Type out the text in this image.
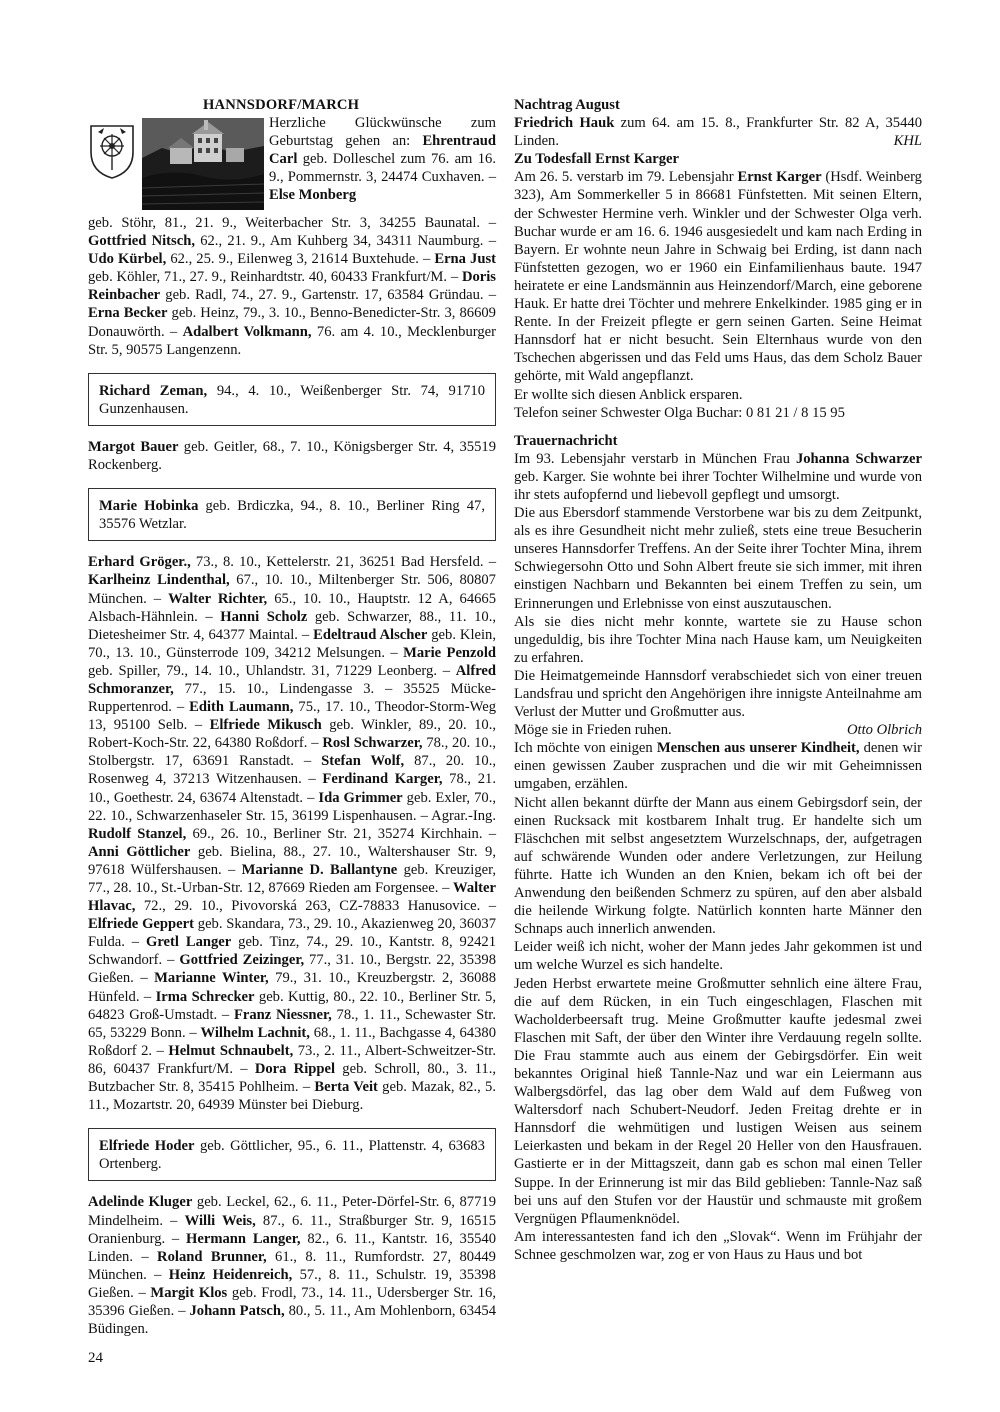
HANNSDORF/MARCH

Herzliche Glückwünsche zum Geburtstag gehen an: Ehrentraud Carl geb. Dolleschel zum 76. am 16. 9., Pommernstr. 3, 24474 Cuxhaven. – Else Monberg

geb. Stöhr, 81., 21. 9., Weiterbacher Str. 3, 34255 Baunatal. – Gottfried Nitsch, 62., 21. 9., Am Kuhberg 34, 34311 Naumburg. – Udo Kürbel, 62., 25. 9., Eilenweg 3, 21614 Buxtehude. – Erna Just geb. Köhler, 71., 27. 9., Reinhardtstr. 40, 60433 Frankfurt/M. – Doris Reinbacher geb. Radl, 74., 27. 9., Gartenstr. 17, 63584 Gründau. – Erna Becker geb. Heinz, 79., 3. 10., Benno-Benedicter-Str. 3, 86609 Donauwörth. – Adalbert Volkmann, 76. am 4. 10., Mecklenburger Str. 5, 90575 Langenzenn.

Richard Zeman, 94., 4. 10., Weißenberger Str. 74, 91710 Gunzenhausen.

Margot Bauer geb. Geitler, 68., 7. 10., Königsberger Str. 4, 35519 Rockenberg.

Marie Hobinka geb. Brdiczka, 94., 8. 10., Berliner Ring 47, 35576 Wetzlar.

Erhard Gröger., 73., 8. 10., Kettelerstr. 21, 36251 Bad Hersfeld. – Karlheinz Lindenthal, 67., 10. 10., Miltenberger Str. 506, 80807 München. – Walter Richter, 65., 10. 10., Hauptstr. 12 A, 64665 Alsbach-Hähnlein. – Hanni Scholz geb. Schwarzer, 88., 11. 10., Dietesheimer Str. 4, 64377 Maintal. – Edeltraud Alscher geb. Klein, 70., 13. 10., Günsterrode 109, 34212 Melsungen. – Marie Penzold geb. Spiller, 79., 14. 10., Uhlandstr. 31, 71229 Leonberg. – Alfred Schmoranzer, 77., 15. 10., Lindengasse 3. – 35525 Mücke-Ruppertenrod. – Edith Laumann, 75., 17. 10., Theodor-Storm-Weg 13, 95100 Selb. – Elfriede Mikusch geb. Winkler, 89., 20. 10., Robert-Koch-Str. 22, 64380 Roßdorf. – Rosl Schwarzer, 78., 20. 10., Stolbergstr. 17, 63691 Ranstadt. – Stefan Wolf, 87., 20. 10., Rosenweg 4, 37213 Witzenhausen. – Ferdinand Karger, 78., 21. 10., Goethestr. 24, 63674 Altenstadt. – Ida Grimmer geb. Exler, 70., 22. 10., Schwarzenhaseler Str. 15, 36199 Lispenhausen. – Agrar.-Ing. Rudolf Stanzel, 69., 26. 10., Berliner Str. 21, 35274 Kirchhain. – Anni Göttlicher geb. Bielina, 88., 27. 10., Waltershauser Str. 9, 97618 Wülfershausen. – Marianne D. Ballantyne geb. Kreuziger, 77., 28. 10., St.-Urban-Str. 12, 87669 Rieden am Forgensee. – Walter Hlavac, 72., 29. 10., Pivovorská 263, CZ-78833 Hanusovice. – Elfriede Geppert geb. Skandara, 73., 29. 10., Akazienweg 20, 36037 Fulda. – Gretl Langer geb. Tinz, 74., 29. 10., Kantstr. 8, 92421 Schwandorf. – Gottfried Zeizinger, 77., 31. 10., Bergstr. 22, 35398 Gießen. – Marianne Winter, 79., 31. 10., Kreuzbergstr. 2, 36088 Hünfeld. – Irma Schrecker geb. Kuttig, 80., 22. 10., Berliner Str. 5, 64823 Groß-Umstadt. – Franz Niessner, 78., 1. 11., Schewaster Str. 65, 53229 Bonn. – Wilhelm Lachnit, 68., 1. 11., Bachgasse 4, 64380 Roßdorf 2. – Helmut Schnaubelt, 73., 2. 11., Albert-Schweitzer-Str. 86, 60437 Frankfurt/M. – Dora Rippel geb. Schroll, 80., 3. 11., Butzbacher Str. 8, 35415 Pohlheim. – Berta Veit geb. Mazak, 82., 5. 11., Mozartstr. 20, 64939 Münster bei Dieburg.

Elfriede Hoder geb. Göttlicher, 95., 6. 11., Plattenstr. 4, 63683 Ortenberg.

Adelinde Kluger geb. Leckel, 62., 6. 11., Peter-Dörfel-Str. 6, 87719 Mindelheim. – Willi Weis, 87., 6. 11., Straßburger Str. 9, 16515 Oranienburg. – Hermann Langer, 82., 6. 11., Kantstr. 16, 35540 Linden. – Roland Brunner, 61., 8. 11., Rumfordstr. 27, 80449 München. – Heinz Heidenreich, 57., 8. 11., Schulstr. 19, 35398 Gießen. – Margit Klos geb. Frodl, 73., 14. 11., Udersberger Str. 16, 35396 Gießen. – Johann Patsch, 80., 5. 11., Am Mohlenborn, 63454 Büdingen.

Nachtrag August

Friedrich Hauk zum 64. am 15. 8., Frankfurter Str. 82 A, 35440 Linden.	KHL

Zu Todesfall Ernst Karger

Am 26. 5. verstarb im 79. Lebensjahr Ernst Karger (Hsdf. Weinberg 323), Am Sommerkeller 5 in 86681 Fünfstetten. Mit seinen Eltern, der Schwester Hermine verh. Winkler und der Schwester Olga verh. Buchar wurde er am 16. 6. 1946 ausgesiedelt und kam nach Erding in Bayern. Er wohnte neun Jahre in Schwaig bei Erding, ist dann nach Fünfstetten gezogen, wo er 1960 ein Einfamilienhaus baute. 1947 heiratete er eine Landsmännin aus Heinzendorf/March, eine geborene Hauk. Er hatte drei Töchter und mehrere Enkelkinder. 1985 ging er in Rente. In der Freizeit pflegte er gern seinen Garten. Seine Heimat Hannsdorf hat er nicht besucht. Sein Elternhaus wurde von den Tschechen abgerissen und das Feld ums Haus, das dem Scholz Bauer gehörte, mit Wald angepflanzt.

Er wollte sich diesen Anblick ersparen.

Telefon seiner Schwester Olga Buchar: 0 81 21 / 8 15 95

Trauernachricht

Im 93. Lebensjahr verstarb in München Frau Johanna Schwarzer geb. Karger. Sie wohnte bei ihrer Tochter Wilhelmine und wurde von ihr stets aufopfernd und liebevoll gepflegt und umsorgt.

Die aus Ebersdorf stammende Verstorbene war bis zu dem Zeitpunkt, als es ihre Gesundheit nicht mehr zuließ, stets eine treue Besucherin unseres Hannsdorfer Treffens. An der Seite ihrer Tochter Mina, ihrem Schwiegersohn Otto und Sohn Albert freute sie sich immer, mit ihren einstigen Nachbarn und Bekannten bei einem Treffen zu sein, um Erinnerungen und Erlebnisse von einst auszutauschen.

Als sie dies nicht mehr konnte, wartete sie zu Hause schon ungeduldig, bis ihre Tochter Mina nach Hause kam, um Neuigkeiten zu erfahren.

Die Heimatgemeinde Hannsdorf verabschiedet sich von einer treuen Landsfrau und spricht den Angehörigen ihre innigste Anteilnahme am Verlust der Mutter und Großmutter aus.

Möge sie in Frieden ruhen.	Otto Olbrich

Ich möchte von einigen Menschen aus unserer Kindheit, denen wir einen gewissen Zauber zusprachen und die wir mit Geheimnissen umgaben, erzählen.

Nicht allen bekannt dürfte der Mann aus einem Gebirgsdorf sein, der einen Rucksack mit kostbarem Inhalt trug. Er handelte sich um Fläschchen mit selbst angesetztem Wurzelschnaps, der, aufgetragen auf schwärende Wunden oder andere Verletzungen, zur Heilung führte. Hatte ich Wunden an den Knien, bekam ich oft bei der Anwendung den beißenden Schmerz zu spüren, auf den aber alsbald die heilende Wirkung folgte. Natürlich konnten harte Männer den Schnaps auch innerlich anwenden.

Leider weiß ich nicht, woher der Mann jedes Jahr gekommen ist und um welche Wurzel es sich handelte.

Jeden Herbst erwartete meine Großmutter sehnlich eine ältere Frau, die auf dem Rücken, in ein Tuch eingeschlagen, Flaschen mit Wacholderbeersaft trug. Meine Großmutter kaufte jedesmal zwei Flaschen mit Saft, der über den Winter ihre Verdauung regeln sollte. Die Frau stammte auch aus einem der Gebirgsdörfer. Ein weit bekanntes Original hieß Tannle-Naz und war ein Leiermann aus Walbergsdörfel, das lag ober dem Wald auf dem Fußweg von Waltersdorf nach Schubert-Neudorf. Jeden Freitag drehte er in Hannsdorf die wehmütigen und lustigen Weisen aus seinem Leierkasten und bekam in der Regel 20 Heller von den Hausfrauen. Gastierte er in der Mittagszeit, dann gab es schon mal einen Teller Suppe. In der Erinnerung ist mir das Bild geblieben: Tannle-Naz saß bei uns auf den Stufen vor der Haustür und schmauste mit großem Vergnügen Pflaumenknödel.

Am interessantesten fand ich den „Slovak“. Wenn im Frühjahr der Schnee geschmolzen war, zog er von Haus zu Haus und bot

24
